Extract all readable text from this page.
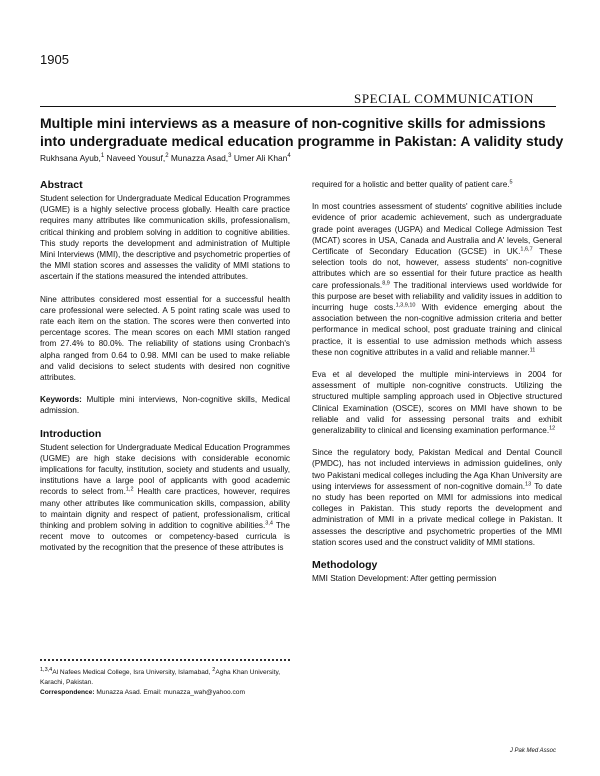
1905
SPECIAL COMMUNICATION
Multiple mini interviews as a measure of non-cognitive skills for admissions into undergraduate medical education programme in Pakistan: A validity study
Rukhsana Ayub,$^1$ Naveed Yousuf,$^2$ Munazza Asad,$^3$ Umer Ali Khan$^4$
Abstract

Student selection for Undergraduate Medical Education Programmes (UGME) is a highly selective process globally. Health care practice requires many attributes like communication skills, professionalism, critical thinking and problem solving in addition to cognitive abilities. This study reports the development and administration of Multiple Mini Interviews (MMI), the descriptive and psychometric properties of the MMI station scores and assesses the validity of MMI stations to ascertain if the stations measured the intended attributes.

Nine attributes considered most essential for a successful health care professional were selected. A 5 point rating scale was used to rate each item on the station. The scores were then converted into percentage scores. The mean scores on each MMI station ranged from 27.4% to 80.0%. The reliability of stations using Cronbach's alpha ranged from 0.64 to 0.98. MMI can be used to make reliable and valid decisions to select students with desired non cognitive attributes.

Keywords: Multiple mini interviews, Non-cognitive skills, Medical admission.

Introduction

Student selection for Undergraduate Medical Education Programmes (UGME) are high stake decisions with considerable economic implications for faculty, institution, society and students and usually, institutions have a large pool of applicants with good academic records to select from.$^{1,2}$ Health care practices, however, requires many other attributes like communication skills, compassion, ability to maintain dignity and respect of patient, professionalism, critical thinking and problem solving in addition to cognitive abilities.$^{3,4}$ The recent move to outcomes or competency-based curricula is motivated by the recognition that the presence of these attributes is

required for a holistic and better quality of patient care.$^5$

In most countries assessment of students' cognitive abilities include evidence of prior academic achievement, such as undergraduate grade point averages (UGPA) and Medical College Admission Test (MCAT) scores in USA, Canada and Australia and A' levels, General Certificate of Secondary Education (GCSE) in UK.$^{1,6,7}$ These selection tools do not, however, assess students' non-cognitive attributes which are so essential for their future practice as health care professionals.$^{8,9}$ The traditional interviews used worldwide for this purpose are beset with reliability and validity issues in addition to incurring huge costs.$^{1,3,9,10}$ With evidence emerging about the association between the non-cognitive admission criteria and better performance in medical school, post graduate training and clinical practice, it is essential to use admission methods which assess these non cognitive attributes in a valid and reliable manner.$^{11}$

Eva et al developed the multiple mini-interviews in 2004 for assessment of multiple non-cognitive constructs. Utilizing the structured multiple sampling approach used in Objective structured Clinical Examination (OSCE), scores on MMI have shown to be reliable and valid for assessing personal traits and exhibit generalizability to clinical and licensing examination performance.$^{12}$

Since the regulatory body, Pakistan Medical and Dental Council (PMDC), has not included interviews in admission guidelines, only two Pakistani medical colleges including the Aga Khan University are using interviews for assessment of non-cognitive domain.$^{13}$ To date no study has been reported on MMI for admissions into medical colleges in Pakistan. This study reports the development and administration of MMI in a private medical college in Pakistan. It assesses the descriptive and psychometric properties of the MMI station scores used and the construct validity of MMI stations.

Methodology

MMI Station Development: After getting permission

$^{1,3,4}$Al Nafees Medical College, Isra University, Islamabad, $^2$Agha Khan University, Karachi, Pakistan.
Correspondence: Munazza Asad. Email: munazza_wah@yahoo.com
J Pak Med Assoc
